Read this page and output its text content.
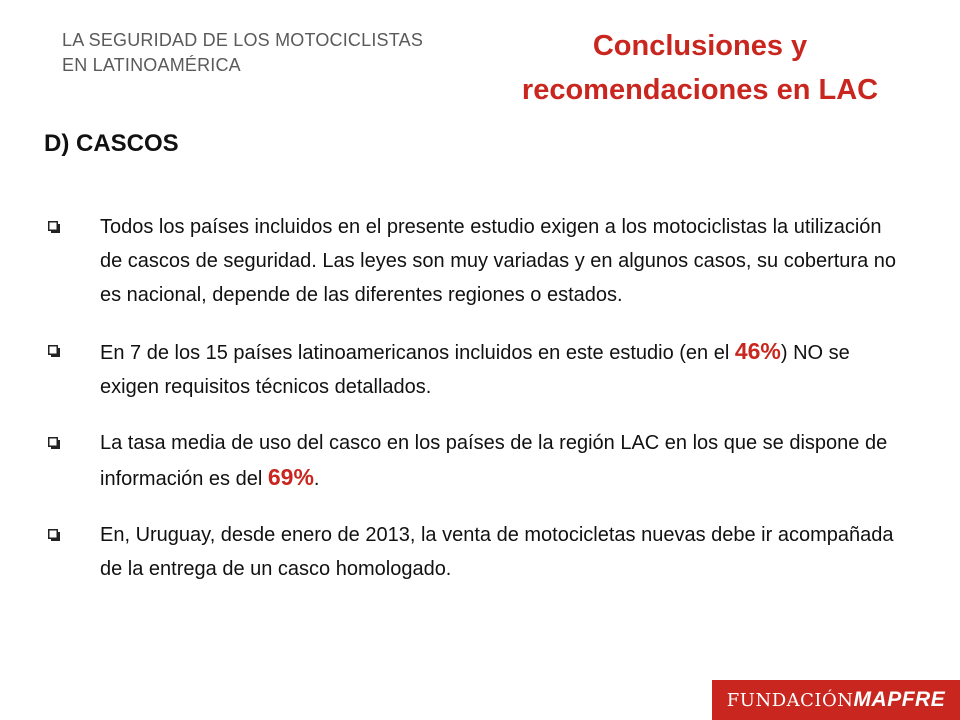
LA SEGURIDAD DE LOS MOTOCICLISTAS
EN LATINOAMÉRICA
Conclusiones y
recomendaciones en LAC
D) CASCOS
Todos los países incluidos en el presente estudio exigen a los motociclistas la utilización de cascos de seguridad. Las leyes son muy variadas y en algunos casos, su cobertura no es nacional, depende de las diferentes regiones o estados.
En 7 de los 15 países latinoamericanos incluidos en este estudio (en el 46%) NO se exigen requisitos técnicos detallados.
La tasa media de uso del casco en los países de la región LAC en los que se dispone de información es del 69%.
En, Uruguay, desde enero de 2013, la venta de motocicletas nuevas debe ir acompañada de la entrega de un casco homologado.
FUNDACIÓN MAPFRE
